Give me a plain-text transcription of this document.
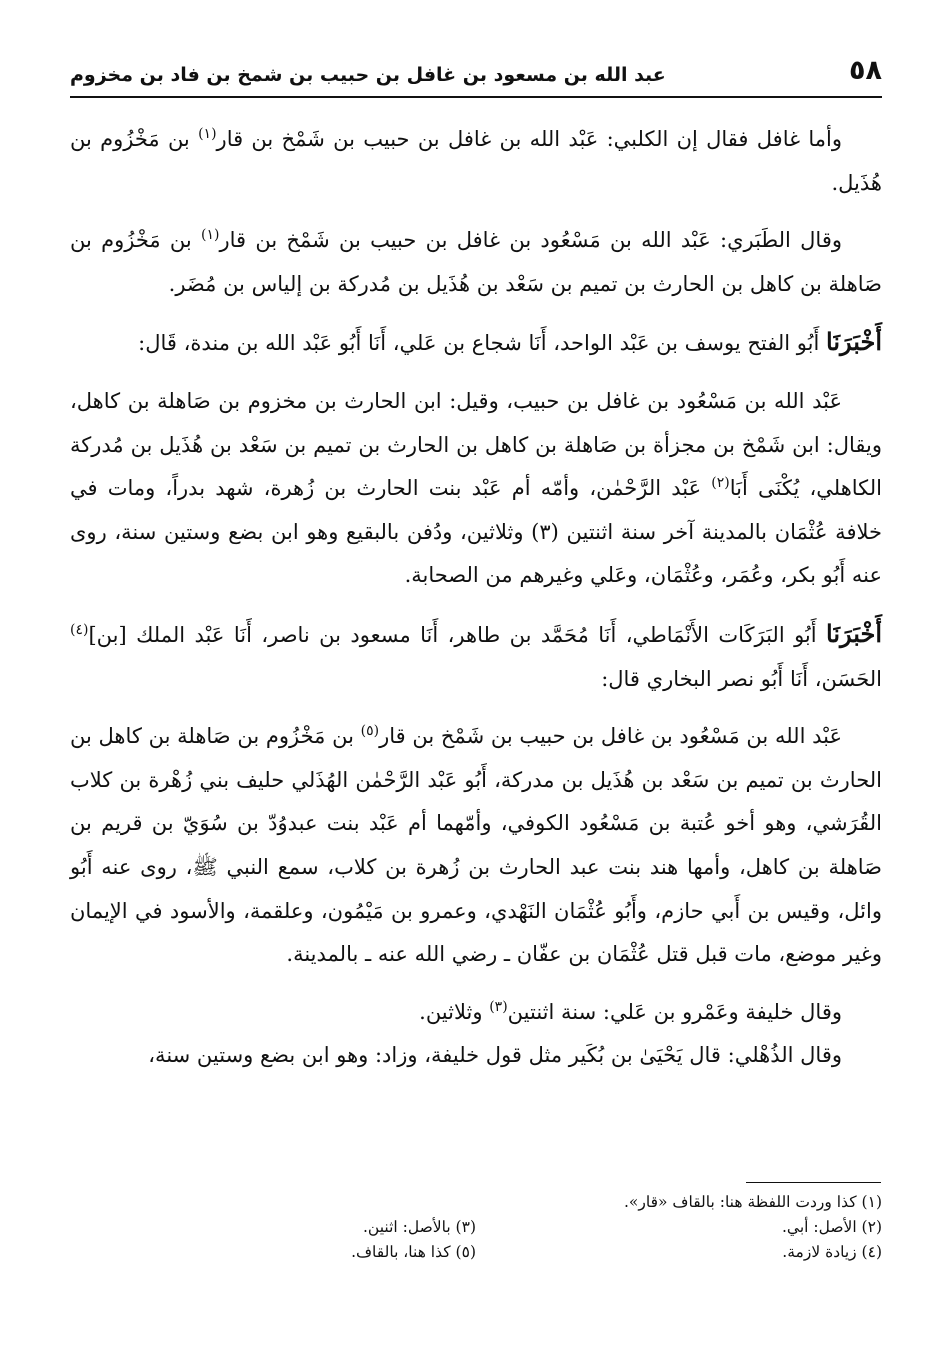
٥٨
عبد الله بن مسعود بن غافل بن حبيب بن شمخ بن فاد بن مخزوم

وأما غافل فقال إن الكلبي: عَبْد الله بن غافل بن حبيب بن شَمْخ بن قار$^{(١)}$ بن مَخْزُوم بن هُذَيل.

وقال الطَبَري: عَبْد الله بن مَسْعُود بن غافل بن حبيب بن شَمْخ بن قار$^{(١)}$ بن مَخْزُوم بن صَاهلة بن كاهل بن الحارث بن تميم بن سَعْد بن هُذَيل بن مُدركة بن إلياس بن مُضَر.

أَخْبَرَنَا أَبُو الفتح يوسف بن عَبْد الواحد، أَنَا شجاع بن عَلي، أَنَا أَبُو عَبْد الله بن مندة، قَال:

عَبْد الله بن مَسْعُود بن غافل بن حبيب، وقيل: ابن الحارث بن مخزوم بن صَاهلة بن كاهل، ويقال: ابن شَمْخ بن مجزأة بن صَاهلة بن كاهل بن الحارث بن تميم بن سَعْد بن هُذَيل بن مُدركة الكاهلي، يُكْنَى أَبَا$^{(٢)}$ عَبْد الرَّحْمٰن، وأمّه أم عَبْد بنت الحارث بن زُهرة، شهد بدراً، ومات في خلافة عُثْمَان بالمدينة آخر سنة اثنتين (٣) وثلاثين، ودُفن بالبقيع وهو ابن بضع وستين سنة، روى عنه أَبُو بكر، وعُمَر، وعُثْمَان، وعَلي وغيرهم من الصحابة.

أَخْبَرَنَا أَبُو البَرَكَات الأَنْمَاطي، أَنَا مُحَمَّد بن طاهر، أَنَا مسعود بن ناصر، أَنَا عَبْد الملك [بن]$^{(٤)}$ الحَسَن، أَنَا أَبُو نصر البخاري قال:

عَبْد الله بن مَسْعُود بن غافل بن حبيب بن شَمْخ بن قار$^{(٥)}$ بن مَخْزُوم بن صَاهلة بن كاهل بن الحارث بن تميم بن سَعْد بن هُذَيل بن مدركة، أَبُو عَبْد الرَّحْمٰن الهُذَلي حليف بني زُهْرة بن كلاب القُرَشي، وهو أخو عُتبة بن مَسْعُود الكوفي، وأمّهما أم عَبْد بنت عبدوُدّ بن سُوَيّ بن قريم بن صَاهلة بن كاهل، وأمها هند بنت عبد الحارث بن زُهرة بن كلاب، سمع النبي ﷺ، روى عنه أَبُو وائل، وقيس بن أَبي حازم، وأَبُو عُثْمَان النَهْدي، وعمرو بن مَيْمُون، وعلقمة، والأسود في الإيمان وغير موضع، مات قبل قتل عُثْمَان بن عفّان ـ رضي الله عنه ـ بالمدينة.

وقال خليفة وعَمْرو بن عَلي: سنة اثنتين$^{(٣)}$ وثلاثين.

وقال الذُهْلي: قال يَحْيَىٰ بن بُكَير مثل قول خليفة، وزاد: وهو ابن بضع وستين سنة،

(١) كذا وردت اللفظة هنا: بالقاف «قار».
(٢) الأصل: أبي.
(٣) بالأصل: اثنين.
(٤) زيادة لازمة.
(٥) كذا هنا، بالقاف.
